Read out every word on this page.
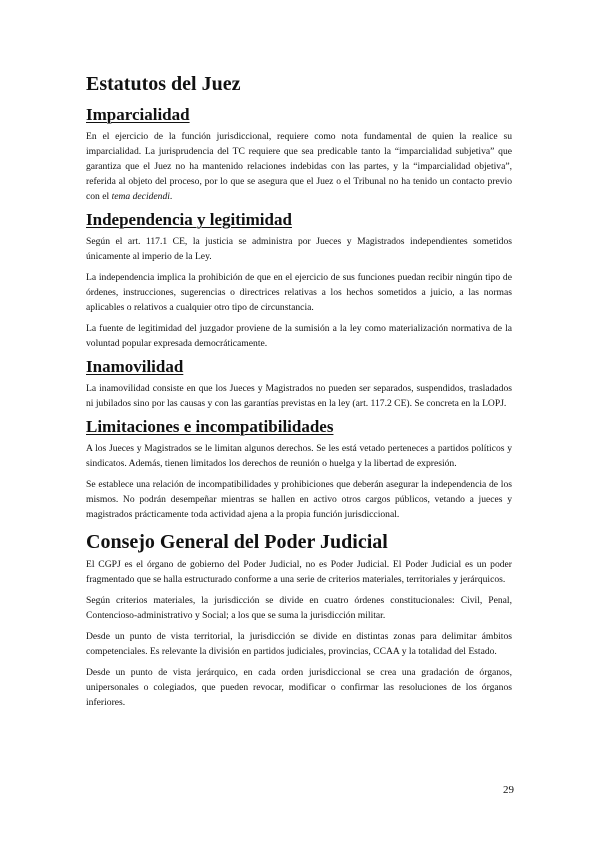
Estatutos del Juez
Imparcialidad

En el ejercicio de la función jurisdiccional, requiere como nota fundamental de quien la realice su imparcialidad. La jurisprudencia del TC requiere que sea predicable tanto la “imparcialidad subjetiva” que garantiza que el Juez no ha mantenido relaciones indebidas con las partes, y la “imparcialidad objetiva”, referida al objeto del proceso, por lo que se asegura que el Juez o el Tribunal no ha tenido un contacto previo con el tema decidendi.

Independencia y legitimidad

Según el art. 117.1 CE, la justicia se administra por Jueces y Magistrados independientes sometidos únicamente al imperio de la Ley.

La independencia implica la prohibición de que en el ejercicio de sus funciones puedan recibir ningún tipo de órdenes, instrucciones, sugerencias o directrices relativas a los hechos sometidos a juicio, a las normas aplicables o relativos a cualquier otro tipo de circunstancia.

La fuente de legitimidad del juzgador proviene de la sumisión a la ley como materialización normativa de la voluntad popular expresada democráticamente.

Inamovilidad

La inamovilidad consiste en que los Jueces y Magistrados no pueden ser separados, suspendidos, trasladados ni jubilados sino por las causas y con las garantías previstas en la ley (art. 117.2 CE). Se concreta en la LOPJ.

Limitaciones e incompatibilidades

A los Jueces y Magistrados se le limitan algunos derechos. Se les está vetado perteneces a partidos políticos y sindicatos. Además, tienen limitados los derechos de reunión o huelga y la libertad de expresión.

Se establece una relación de incompatibilidades y prohibiciones que deberán asegurar la independencia de los mismos. No podrán desempeñar mientras se hallen en activo otros cargos públicos, vetando a jueces y magistrados prácticamente toda actividad ajena a la propia función jurisdiccional.

Consejo General del Poder Judicial

El CGPJ es el órgano de gobierno del Poder Judicial, no es Poder Judicial. El Poder Judicial es un poder fragmentado que se halla estructurado conforme a una serie de criterios materiales, territoriales y jerárquicos.

Según criterios materiales, la jurisdicción se divide en cuatro órdenes constitucionales: Civil, Penal, Contencioso-administrativo y Social; a los que se suma la jurisdicción militar.

Desde un punto de vista territorial, la jurisdicción se divide en distintas zonas para delimitar ámbitos competenciales. Es relevante la división en partidos judiciales, provincias, CCAA y la totalidad del Estado.

Desde un punto de vista jerárquico, en cada orden jurisdiccional se crea una gradación de órganos, unipersonales o colegiados, que pueden revocar, modificar o confirmar las resoluciones de los órganos inferiores.

29
